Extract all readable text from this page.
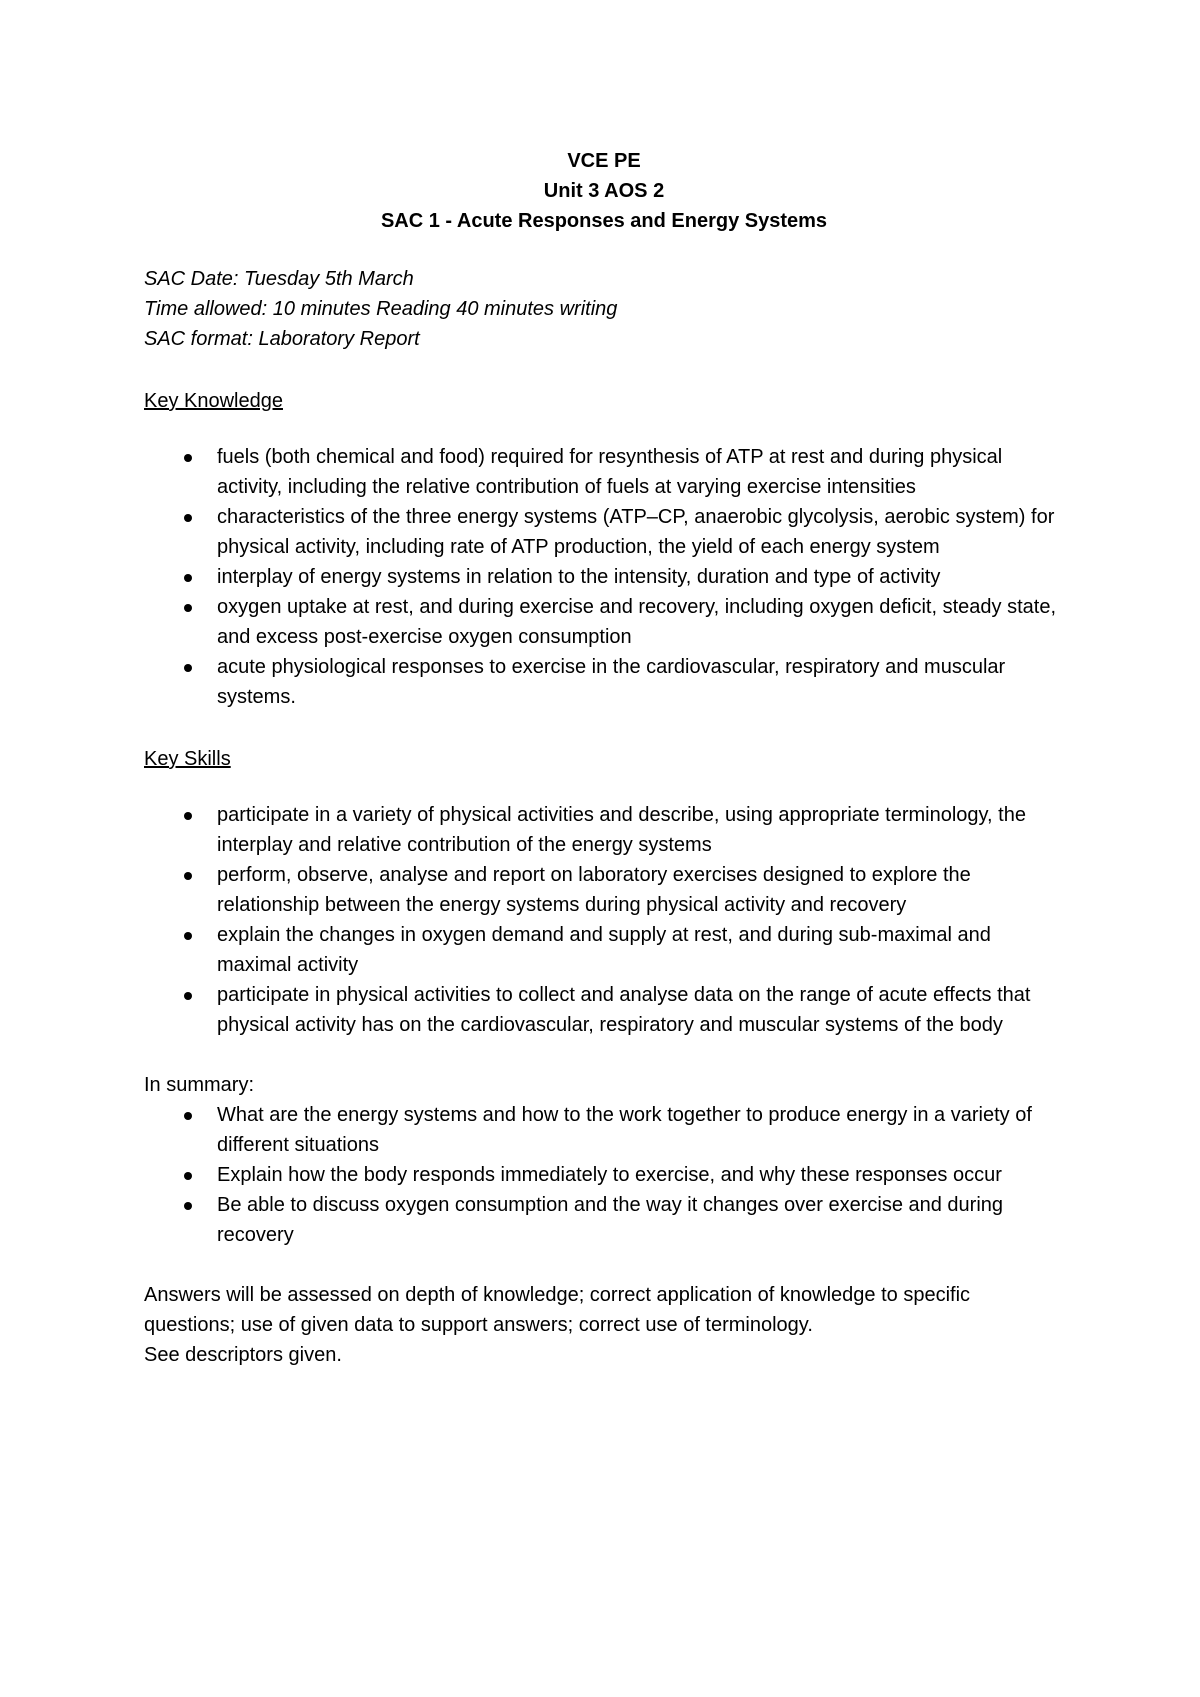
VCE PE
Unit 3 AOS 2
SAC 1 - Acute Responses and Energy Systems

SAC Date: Tuesday 5th March

Time allowed: 10 minutes Reading 40 minutes writing

SAC format: Laboratory Report

Key Knowledge
fuels (both chemical and food) required for resynthesis of ATP at rest and during physical activity, including the relative contribution of fuels at varying exercise intensities
characteristics of the three energy systems (ATP–CP, anaerobic glycolysis, aerobic system) for physical activity, including rate of ATP production, the yield of each energy system
interplay of energy systems in relation to the intensity, duration and type of activity
oxygen uptake at rest, and during exercise and recovery, including oxygen deficit, steady state, and excess post-exercise oxygen consumption
acute physiological responses to exercise in the cardiovascular, respiratory and muscular systems.
Key Skills
participate in a variety of physical activities and describe, using appropriate terminology, the interplay and relative contribution of the energy systems
perform, observe, analyse and report on laboratory exercises designed to explore the relationship between the energy systems during physical activity and recovery
explain the changes in oxygen demand and supply at rest, and during sub-maximal and maximal activity
participate in physical activities to collect and analyse data on the range of acute effects that physical activity has on the cardiovascular, respiratory and muscular systems of the body
In summary:
What are the energy systems and how to the work together to produce energy in a variety of different situations
Explain how the body responds immediately to exercise, and why these responses occur
Be able to discuss oxygen consumption and the way it changes over exercise and during recovery

Answers will be assessed on depth of knowledge; correct application of knowledge to specific questions; use of given data to support answers; correct use of terminology.

See descriptors given.
